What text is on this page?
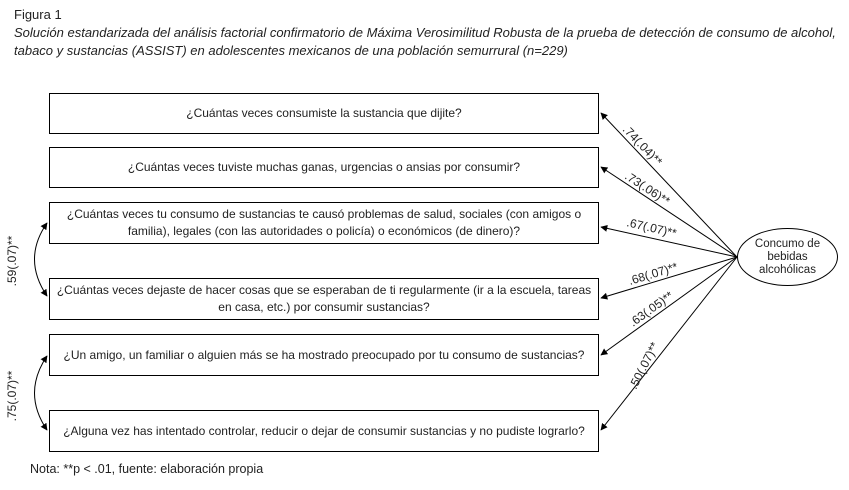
Figura 1
Solución estandarizada del análisis factorial confirmatorio de Máxima Verosimilitud Robusta de la prueba de detección de consumo de alcohol, tabaco y sustancias (ASSIST) en adolescentes mexicanos de una población semurrural (n=229)
.74(.04)**
.73(.06)**
.67(.07)**
.68(.07)**
.63(.05)**
.50(.07)**
.59(.07)**
.75(.07)**
¿Cuántas veces consumiste la sustancia que dijite?
¿Cuántas veces tuviste muchas ganas, urgencias o ansias por consumir?
¿Cuántas veces tu consumo de sustancias te causó problemas de salud, sociales (con amigos o familia), legales (con las autoridades o policía) o económicos (de dinero)?
¿Cuántas veces dejaste de hacer cosas que se esperaban de ti regularmente (ir a la escuela, tareas en casa, etc.) por consumir sustancias?
¿Un amigo, un familiar o alguien más se ha mostrado preocupado por tu consumo de sustancias?
¿Alguna vez has intentado controlar, reducir o dejar de consumir sustancias y no pudiste lograrlo?
Concumo de
bebidas
alcohólicas
Nota: **p < .01, fuente: elaboración propia
